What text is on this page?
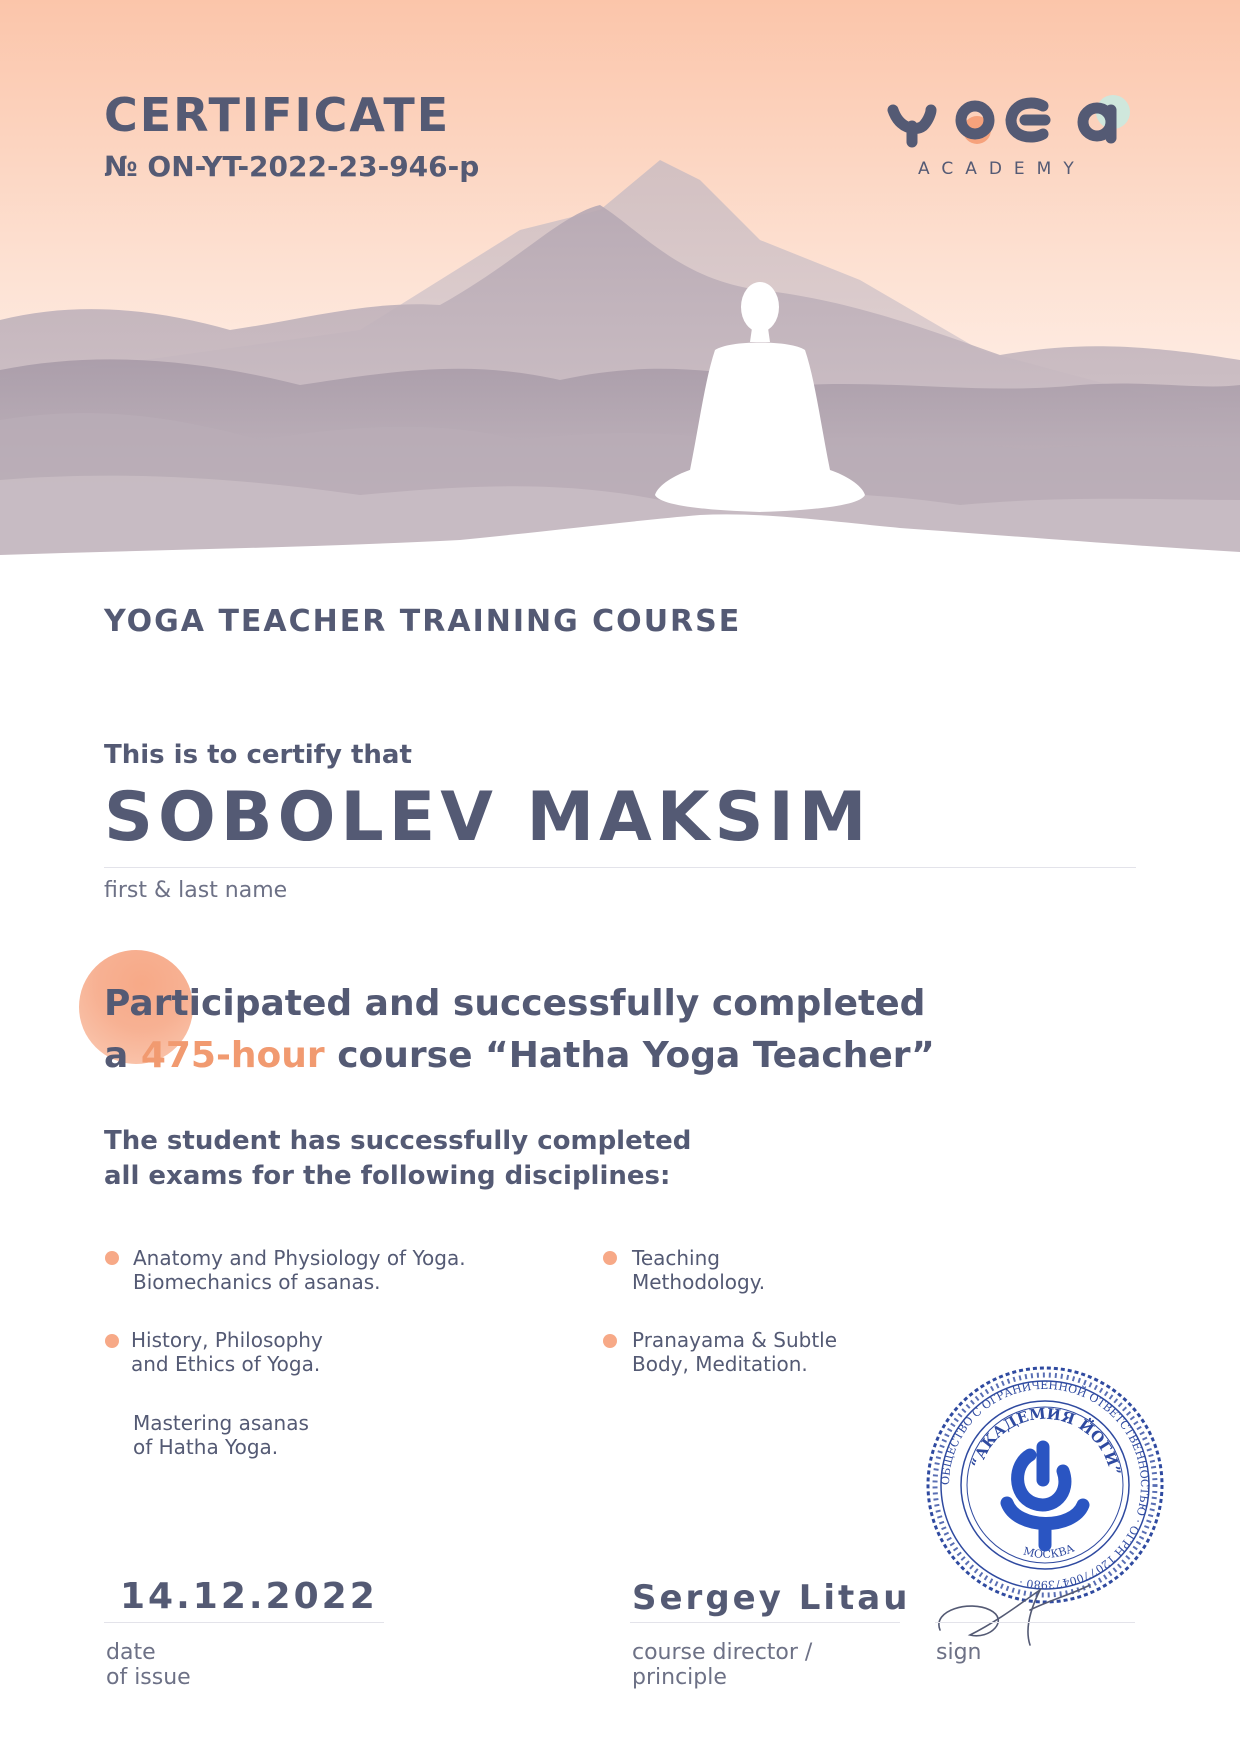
CERTIFICATE
№ ON-YT-2022-23-946-p	ACADEMY
YOGA TEACHER TRAINING COURSE
This is to certify that
SOBOLEV MAKSIM
first & last name
Participated and successfully completed
a 475-hour course “Hatha Yoga Teacher”
The student has successfully completed
all exams for the following disciplines:
Anatomy and Physiology of Yoga.
Biomechanics of asanas.
Teaching
Methodology.
History, Philosophy
and Ethics of Yoga.
Pranayama & Subtle
Body, Meditation.
Mastering asanas
of Hatha Yoga.
ОБЩЕСТВО С ОГРАНИЧЕННОЙ ОТВЕТСТВЕННОСТЬЮ · ОГРН 1207700473980 ·
“АКАДЕМИЯ ЙОГИ”
МОСКВА
14.12.2022
date
of issue
Sergey Litau
course director /
principle
sign
